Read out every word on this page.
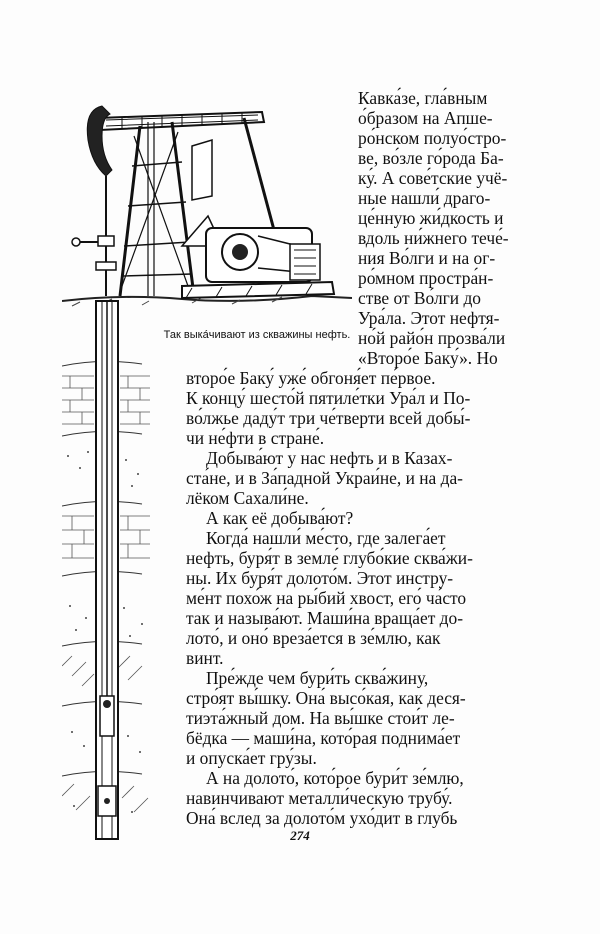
Так выка́чивают из скважины нефть.
Кавка́зе, гла́вным
о́бразом на Апше-
ро́нском полуо́стро-
ве, во́зле го́рода Ба-
ку́. А сове́тские учё-
ные нашли́ драго-
це́нную жи́дкость и
вдоль ни́жнего тече́-
ния Во́лги и на ог-
ро́мном простра́н-
стве от Во́лги до
Ура́ла. Этот нефтя-
но́й райо́н прозва́ли
«Второ́е Баку́». Но
второ́е Баку́ уже́ обгоня́ет пе́рвое.
К концу́ шесто́й пятиле́тки Ура́л и По-
во́лжье даду́т три че́тверти всей добы́-
чи не́фти в стране́.
Добыва́ют у нас нефть и в Казах-
ста́не, и в За́падной Украи́не, и на да-
лёком Сахали́не.
А как её добыва́ют?
Когда́ нашли́ ме́сто, где залега́ет
нефть, буря́т в земле́ глубо́кие сква́жи-
ны. Их буря́т долото́м. Этот инстру-
ме́нт похо́ж на ры́бий хвост, его́ ча́сто
так и называ́ют. Маши́на враща́ет до-
лото́, и оно́ вреза́ется в зе́млю, как
винт.
Пре́жде чем бури́ть сква́жину,
стро́ят вы́шку. Она́ высо́кая, как деся-
тиэта́жный дом. На вы́шке стои́т ле-
бёдка — маши́на, кото́рая поднима́ет
и опуска́ет гру́зы.
А на долото́, кото́рое бури́т зе́млю,
навинчивают металли́ческую трубу́.
Она́ вслед за долото́м ухо́дит в глубь
274
